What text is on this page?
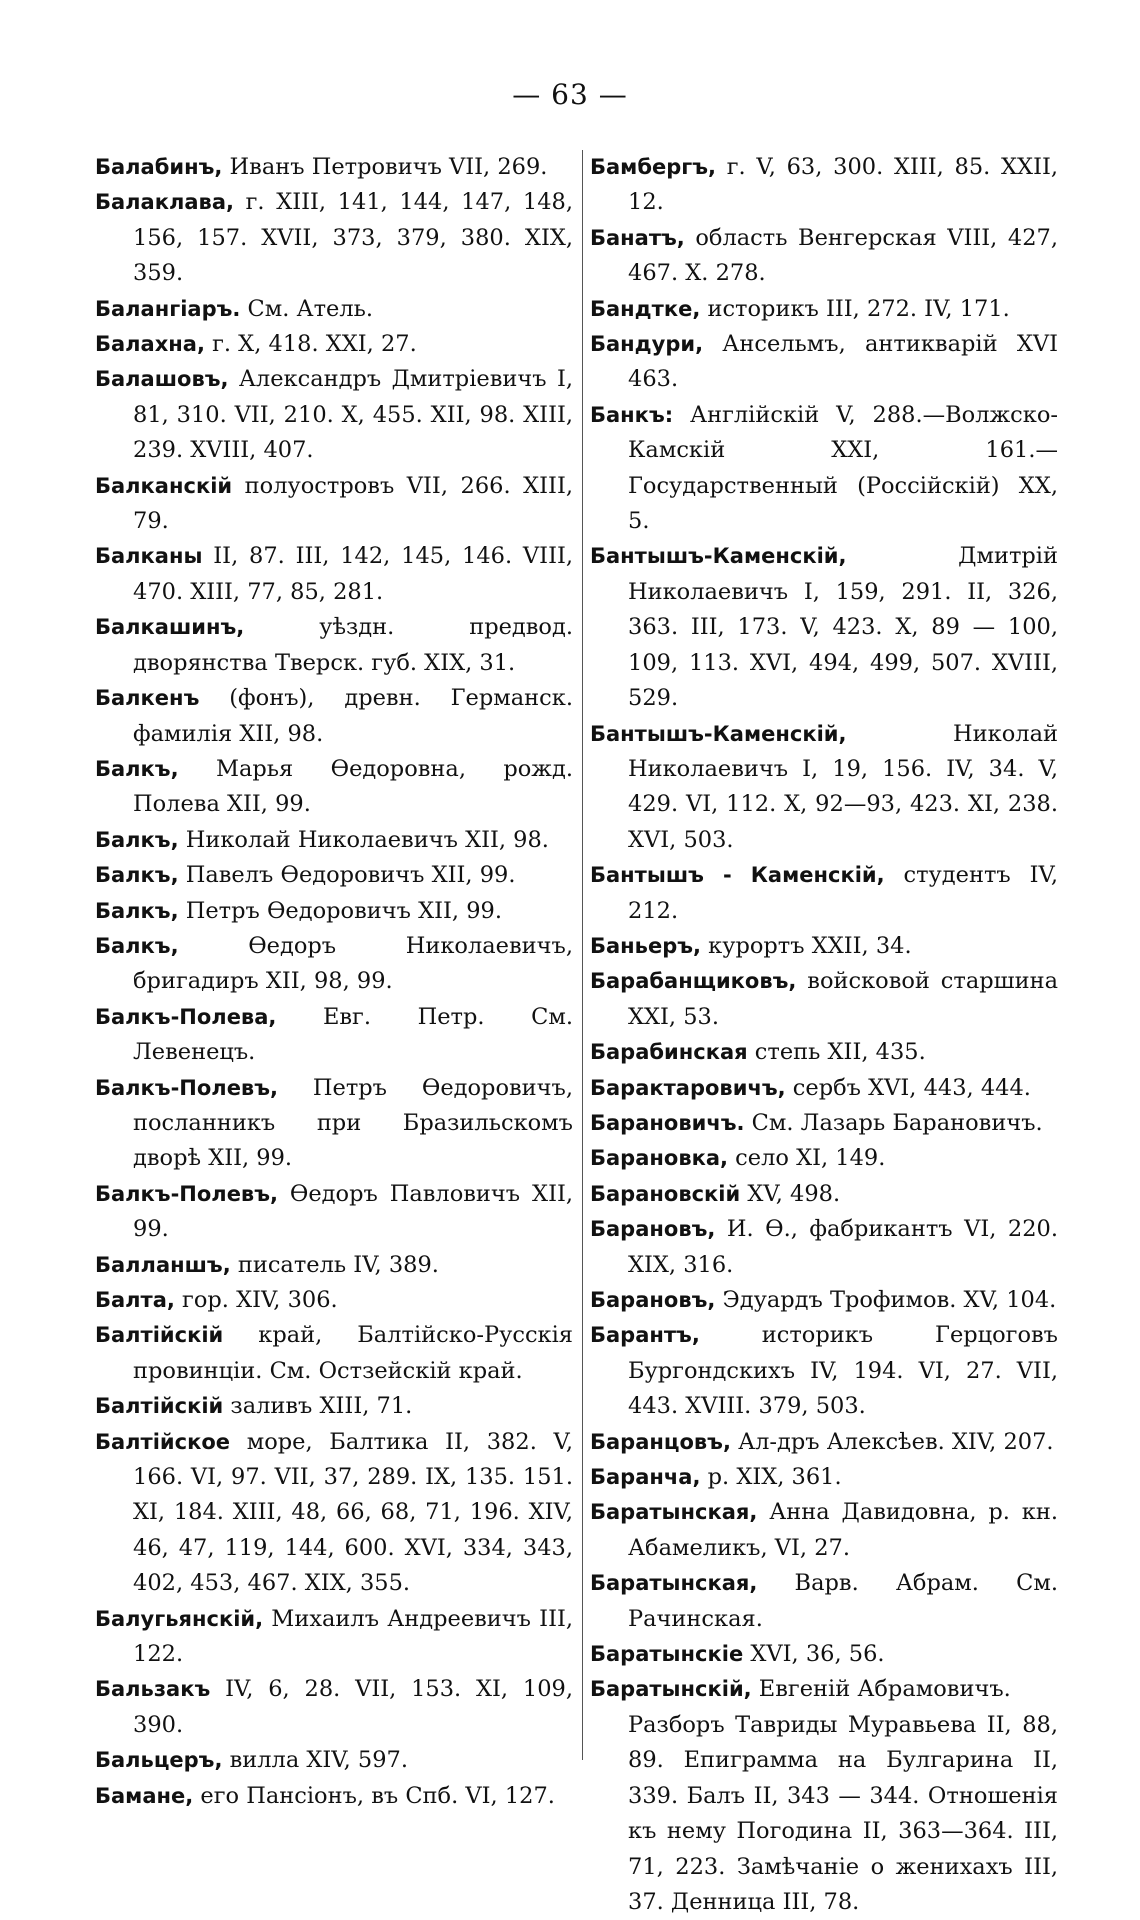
— 63 —
Балабинъ, Иванъ Петровичъ VII, 269.
Балаклава, г. XIII, 141, 144, 147, 148, 156, 157. XVII, 373, 379, 380. XIX, 359.
Балангіаръ. См. Атель.
Балахна, г. X, 418. XXI, 27.
Балашовъ, Александръ Дмитріевичъ I, 81, 310. VII, 210. X, 455. XII, 98. XIII, 239. XVIII, 407.
Балканскій полуостровъ VII, 266. XIII, 79.
Балканы II, 87. III, 142, 145, 146. VIII, 470. XIII, 77, 85, 281.
Балкашинъ, уѣздн. предвод. дворянства Тверск. губ. XIX, 31.
Балкенъ (фонъ), древн. Германск. фамилія XII, 98.
Балкъ, Марья Ѳедоровна, рожд. Полева XII, 99.
Балкъ, Николай Николаевичъ XII, 98.
Балкъ, Павелъ Ѳедоровичъ XII, 99.
Балкъ, Петръ Ѳедоровичъ XII, 99.
Балкъ, Ѳедоръ Николаевичъ, бригадиръ XII, 98, 99.
Балкъ-Полева, Евг. Петр. См. Левенецъ.
Балкъ-Полевъ, Петръ Ѳедоровичъ, посланникъ при Бразильскомъ дворѣ XII, 99.
Балкъ-Полевъ, Ѳедоръ Павловичъ XII, 99.
Балланшъ, писатель IV, 389.
Балта, гор. XIV, 306.
Балтійскій край, Балтійско-Русскія провинціи. См. Остзейскій край.
Балтійскій заливъ XIII, 71.
Балтійское море, Балтика II, 382. V, 166. VI, 97. VII, 37, 289. IX, 135. 151. XI, 184. XIII, 48, 66, 68, 71, 196. XIV, 46, 47, 119, 144, 600. XVI, 334, 343, 402, 453, 467. XIX, 355.
Балугьянскій, Михаилъ Андреевичъ III, 122.
Бальзакъ IV, 6, 28. VII, 153. XI, 109, 390.
Бальцеръ, вилла XIV, 597.
Бамане, его Пансіонъ, въ Спб. VI, 127.
Бамбергъ, г. V, 63, 300. XIII, 85. XXII, 12.
Банатъ, область Венгерская VIII, 427, 467. X. 278.
Бандтке, историкъ III, 272. IV, 171.
Бандури, Ансельмъ, антикварій XVI 463.
Банкъ: Англійскій V, 288.—Волжско-Камскій XXI, 161.—Государственный (Россійскій) XX, 5.
Бантышъ-Каменскій, Дмитрій Николаевичъ I, 159, 291. II, 326, 363. III, 173. V, 423. X, 89 — 100, 109, 113. XVI, 494, 499, 507. XVIII, 529.
Бантышъ-Каменскій, Николай Николаевичъ I, 19, 156. IV, 34. V, 429. VI, 112. X, 92—93, 423. XI, 238. XVI, 503.
Бантышъ - Каменскій, студентъ IV, 212.
Баньеръ, курортъ XXII, 34.
Барабанщиковъ, войсковой старшина XXI, 53.
Барабинская степь XII, 435.
Барактаровичъ, сербъ XVI, 443, 444.
Барановичъ. См. Лазарь Барановичъ.
Барановка, село XI, 149.
Барановскій XV, 498.
Барановъ, И. Ѳ., фабрикантъ VI, 220. XIX, 316.
Барановъ, Эдуардъ Трофимов. XV, 104.
Барантъ, историкъ Герцоговъ Бургондскихъ IV, 194. VI, 27. VII, 443. XVIII. 379, 503.
Баранцовъ, Ал-дръ Алексѣев. XIV, 207.
Баранча, р. XIX, 361.
Баратынская, Анна Давидовна, р. кн. Абамеликъ, VI, 27.
Баратынская, Варв. Абрам. См. Рачинская.
Баратынскіе XVI, 36, 56.
Баратынскій, Евгеній Абрамовичъ.
Разборъ Тавриды Муравьева II, 88, 89. Епиграмма на Булгарина II, 339. Балъ II, 343 — 344. Отношенія къ нему Погодина II, 363—364. III, 71, 223. Замѣчаніе о женихахъ III, 37. Денница III, 78.
